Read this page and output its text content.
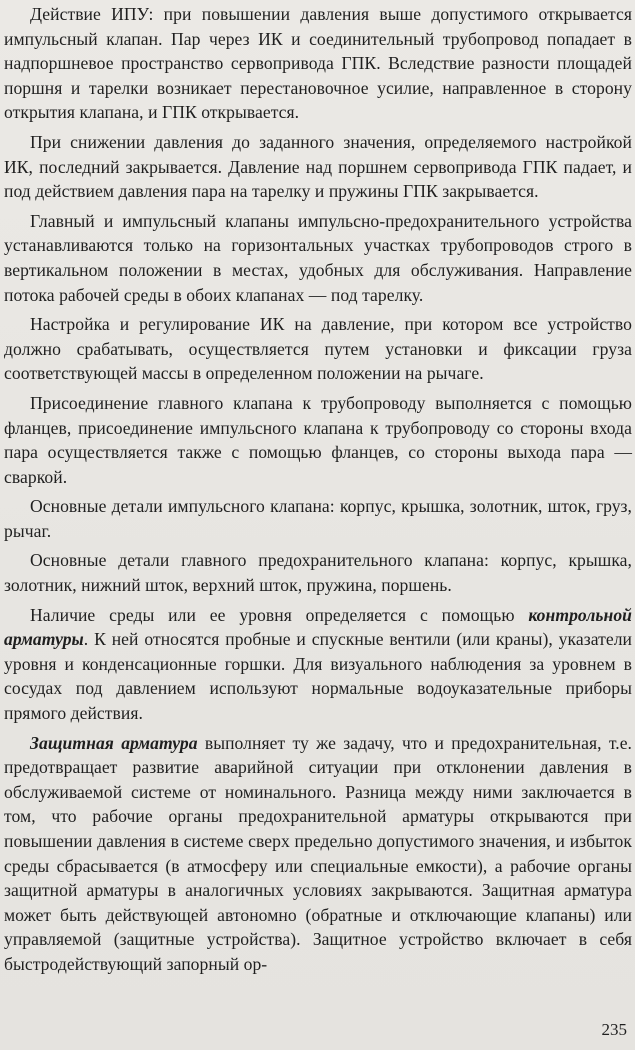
Действие ИПУ: при повышении давления выше допустимого открывается импульсный клапан. Пар через ИК и соединительный трубопровод попадает в надпоршневое пространство сервопривода ГПК. Вследствие разности площадей поршня и тарелки возникает перестановочное усилие, направленное в сторону открытия клапана, и ГПК открывается.

При снижении давления до заданного значения, определяемого настройкой ИК, последний закрывается. Давление над поршнем сервопривода ГПК падает, и под действием давления пара на тарелку и пружины ГПК закрывается.

Главный и импульсный клапаны импульсно-предохранительного устройства устанавливаются только на горизонтальных участках трубопроводов строго в вертикальном положении в местах, удобных для обслуживания. Направление потока рабочей среды в обоих клапанах — под тарелку.

Настройка и регулирование ИК на давление, при котором все устройство должно срабатывать, осуществляется путем установки и фиксации груза соответствующей массы в определенном положении на рычаге.

Присоединение главного клапана к трубопроводу выполняется с помощью фланцев, присоединение импульсного клапана к трубопроводу со стороны входа пара осуществляется также с помощью фланцев, со стороны выхода пара — сваркой.

Основные детали импульсного клапана: корпус, крышка, золотник, шток, груз, рычаг.

Основные детали главного предохранительного клапана: корпус, крышка, золотник, нижний шток, верхний шток, пружина, поршень.

Наличие среды или ее уровня определяется с помощью контрольной арматуры. К ней относятся пробные и спускные вентили (или краны), указатели уровня и конденсационные горшки. Для визуального наблюдения за уровнем в сосудах под давлением используют нормальные водоуказательные приборы прямого действия.

Защитная арматура выполняет ту же задачу, что и предохранительная, т.е. предотвращает развитие аварийной ситуации при отклонении давления в обслуживаемой системе от номинального. Разница между ними заключается в том, что рабочие органы предохранительной арматуры открываются при повышении давления в системе сверх предельно допустимого значения, и избыток среды сбрасывается (в атмосферу или специальные емкости), а рабочие органы защитной арматуры в аналогичных условиях закрываются. Защитная арматура может быть действующей автономно (обратные и отключающие клапаны) или управляемой (защитные устройства). Защитное устройство включает в себя быстродействующий запорный ор-

235
